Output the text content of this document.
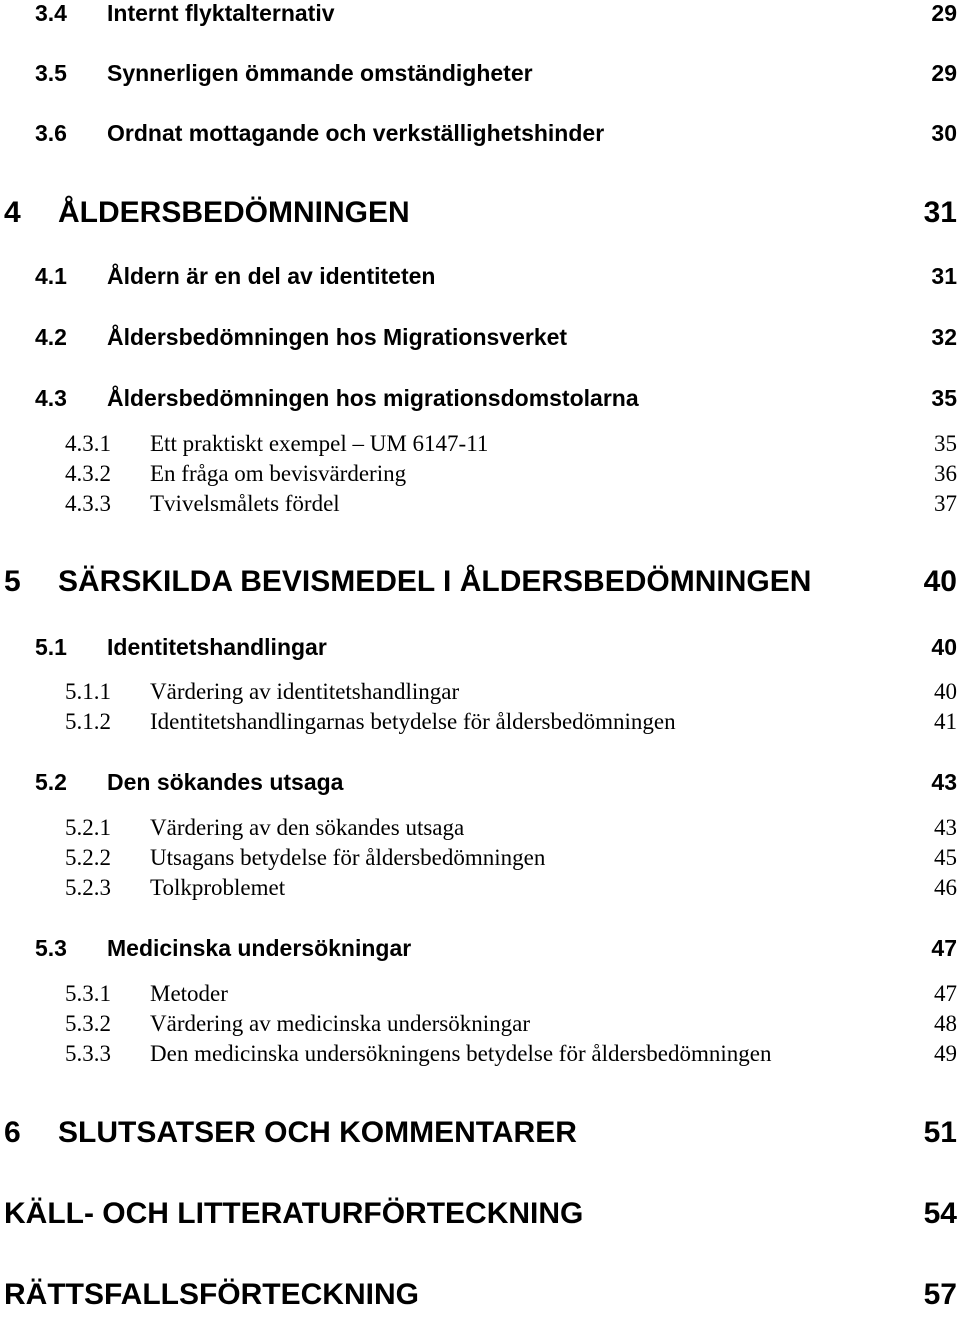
3.4 Internt flyktalternativ	29
3.5 Synnerligen ömmande omständigheter	29
3.6 Ordnat mottagande och verkställighetshinder	30
4 ÅLDERSBEDÖMNINGEN	31
4.1 Åldern är en del av identiteten	31
4.2 Åldersbedömningen hos Migrationsverket	32
4.3 Åldersbedömningen hos migrationsdomstolarna	35
4.3.1 Ett praktiskt exempel – UM 6147-11	35
4.3.2 En fråga om bevisvärdering	36
4.3.3 Tvivelsmålets fördel	37
5 SÄRSKILDA BEVISMEDEL I ÅLDERSBEDÖMNINGEN	40
5.1 Identitetshandlingar	40
5.1.1 Värdering av identitetshandlingar	40
5.1.2 Identitetshandlingarnas betydelse för åldersbedömningen	41
5.2 Den sökandes utsaga	43
5.2.1 Värdering av den sökandes utsaga	43
5.2.2 Utsagans betydelse för åldersbedömningen	45
5.2.3 Tolkproblemet	46
5.3 Medicinska undersökningar	47
5.3.1 Metoder	47
5.3.2 Värdering av medicinska undersökningar	48
5.3.3 Den medicinska undersökningens betydelse för åldersbedömningen	49
6 SLUTSATSER OCH KOMMENTARER	51
KÄLL- OCH LITTERATURFÖRTECKNING	54
RÄTTSFALLSFÖRTECKNING	57
